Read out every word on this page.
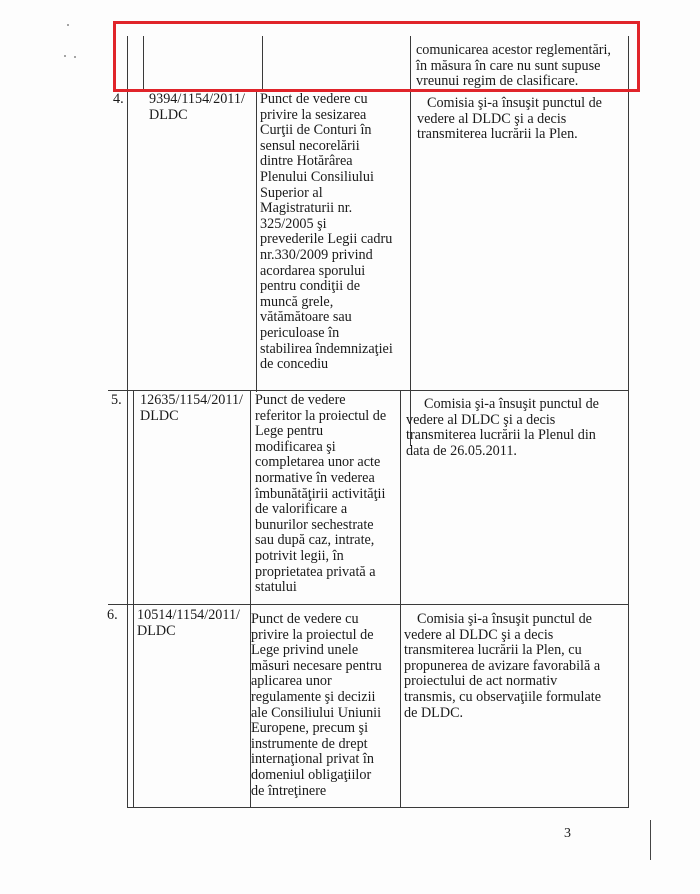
comunicarea acestor reglementări,
în măsura în care nu sunt supuse
vreunui regim de clasificare.
4. 9394/1154/2011/
DLDC
Punct de vedere cu
privire la sesizarea
Curţii de Conturi în
sensul necorelării
dintre Hotărârea
Plenului Consiliului
Superior al
Magistraturii nr.
325/2005 şi
prevederile Legii cadru
nr.330/2009 privind
acordarea sporului
pentru condiţii de
muncă grele,
vătămătoare sau
periculoase în
stabilirea îndemnizaţiei
de concediu
Comisia şi-a însuşit punctul de
vedere al DLDC şi a decis
transmiterea lucrării la Plen.
5. 12635/1154/2011/
DLDC
Punct de vedere
referitor la proiectul de
Lege pentru
modificarea şi
completarea unor acte
normative în vederea
îmbunătăţirii activităţii
de valorificare a
bunurilor sechestrate
sau după caz, intrate,
potrivit legii, în
proprietatea privată a
statului
Comisia şi-a însuşit punctul de
vedere al DLDC şi a decis
transmiterea lucrării la Plenul din
data de 26.05.2011.
6. 10514/1154/2011/
DLDC
Punct de vedere cu
privire la proiectul de
Lege privind unele
măsuri necesare pentru
aplicarea unor
regulamente şi decizii
ale Consiliului Uniunii
Europene, precum şi
instrumente de drept
internaţional privat în
domeniul obligaţiilor
de întreţinere
Comisia şi-a însuşit punctul de
vedere al DLDC şi a decis
transmiterea lucrării la Plen, cu
propunerea de avizare favorabilă a
proiectului de act normativ
transmis, cu observaţiile formulate
de DLDC.
3
